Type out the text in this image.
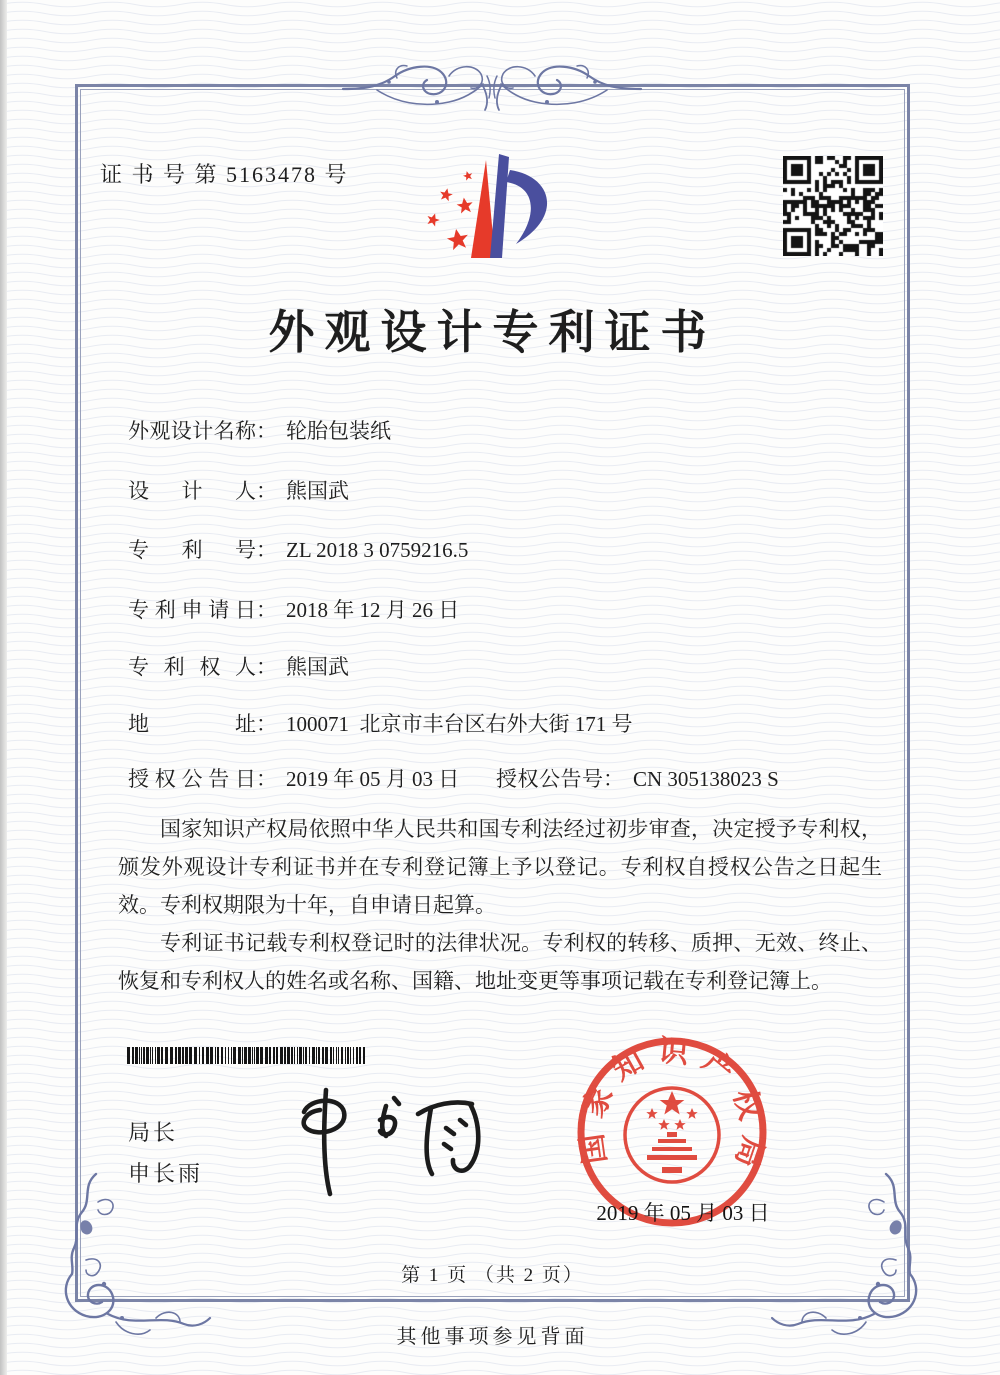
证 书 号 第 5163478 号
外观设计专利证书
外观设计名称： 轮胎包装纸
设计人： 熊国武
专利号： ZL 2018 3 0759216.5
专利申请日： 2018 年 12 月 26 日
专利权人： 熊国武
地址： 100071  北京市丰台区右外大街 171 号
授权公告日： 2019 年 05 月 03 日 授权公告号： CN 305138023 S

国家知识产权局依照中华人民共和国专利法经过初步审查，决定授予专利权，颁发外观设计专利证书并在专利登记簿上予以登记。专利权自授权公告之日起生效。专利权期限为十年，自申请日起算。

专利证书记载专利权登记时的法律状况。专利权的转移、质押、无效、终止、恢复和专利权人的姓名或名称、国籍、地址变更等事项记载在专利登记簿上。

局长
申长雨
国家知识产权局
2019 年 05 月 03 日
第 1 页 （共 2 页）
其他事项参见背面
